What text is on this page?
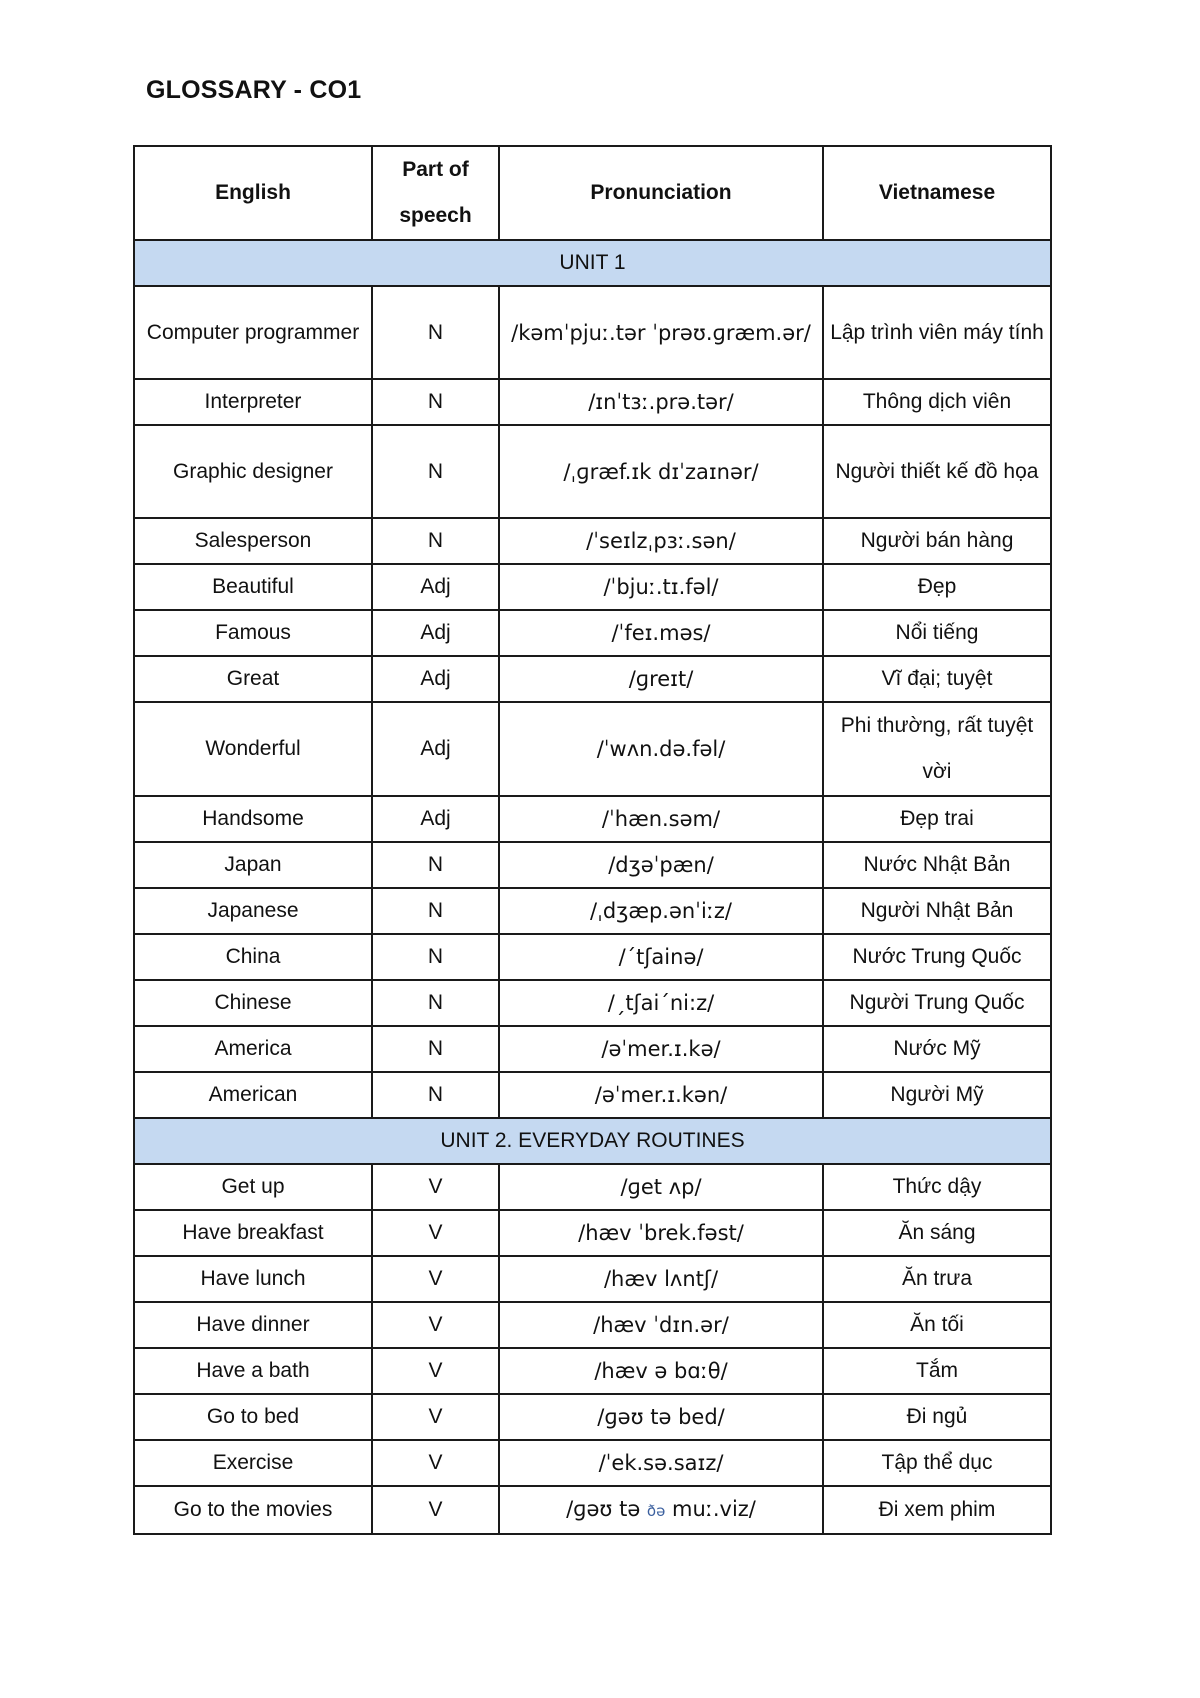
GLOSSARY - CO1
English	Part of speech	Pronunciation	Vietnamese
UNIT 1			
Computer programmer	N	/kəmˈpjuː.tər ˈprəʊ.ɡræm.ər/	Lập trình viên máy tính
Interpreter	N	/ɪnˈtɜː.prə.tər/	Thông dịch viên
Graphic designer	N	/ˌɡræf.ɪk dɪˈzaɪnər/	Người thiết kế đồ họa
Salesperson	N	/ˈseɪlzˌpɜː.sən/	Người bán hàng
Beautiful	Adj	/ˈbjuː.tɪ.fəl/	Đẹp
Famous	Adj	/ˈfeɪ.məs/	Nổi tiếng
Great	Adj	/ɡreɪt/	Vĩ đại; tuyệt
Wonderful	Adj	/ˈwʌn.də.fəl/	Phi thường, rất tuyệt vời
Handsome	Adj	/ˈhæn.səm/	Đẹp trai
Japan	N	/dʒəˈpæn/	Nước Nhật Bản
Japanese	N	/ˌdʒæp.ənˈiːz/	Người Nhật Bản
China	N	/ˊtʃainə/	Nước Trung Quốc
Chinese	N	/ˏtʃaiˊni:z/	Người Trung Quốc
America	N	/əˈmer.ɪ.kə/	Nước Mỹ
American	N	/əˈmer.ɪ.kən/	Người Mỹ
UNIT 2. EVERYDAY ROUTINES			
Get up	V	/ɡet ʌp/	Thức dậy
Have breakfast	V	/hæv ˈbrek.fəst/	Ăn sáng
Have lunch	V	/hæv lʌntʃ/	Ăn trưa
Have dinner	V	/hæv ˈdɪn.ər/	Ăn tối
Have a bath	V	/hæv ə bɑːθ/	Tắm
Go to bed	V	/ɡəʊ tə bed/	Đi ngủ
Exercise	V	/ˈek.sə.saɪz/	Tập thể dục
Go to the movies	V	/ɡəʊ tə ðə muː.viz/	Đi xem phim
